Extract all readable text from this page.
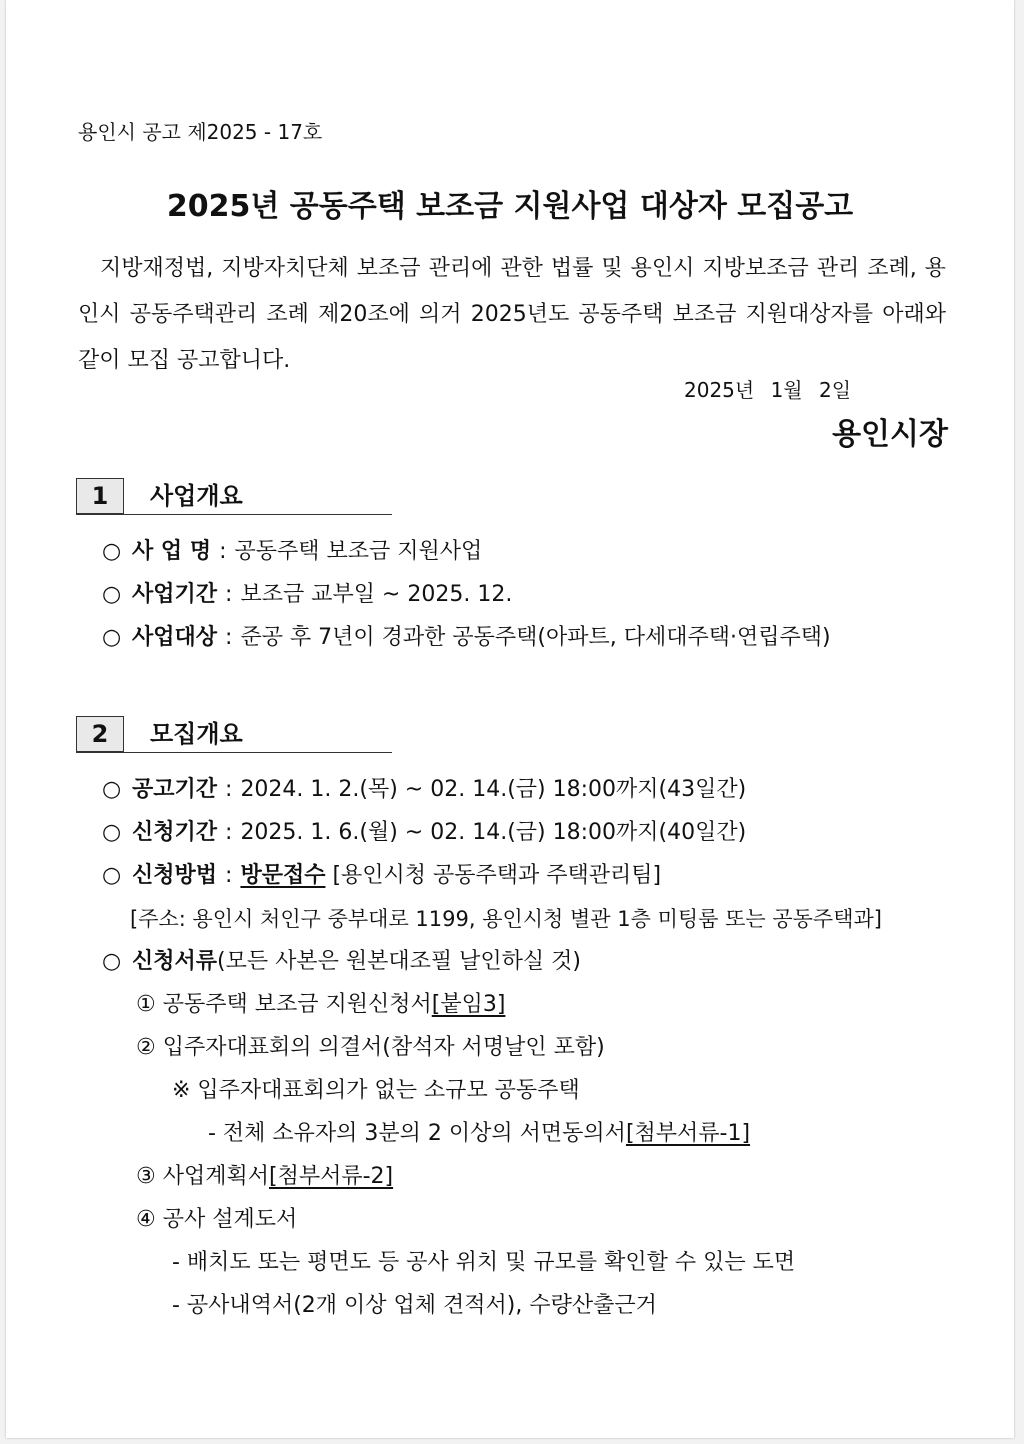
용인시 공고 제2025 - 17호
2025년 공동주택 보조금 지원사업 대상자 모집공고
지방재정법, 지방자치단체 보조금 관리에 관한 법률 및 용인시 지방보조금 관리 조례, 용인시 공동주택관리 조례 제20조에 의거 2025년도 공동주택 보조금 지원대상자를 아래와 같이 모집 공고합니다.
2025년 1월 2일
용인시장
1	사업개요
○ 사 업 명 : 공동주택 보조금 지원사업
○ 사업기간 : 보조금 교부일 ~ 2025. 12.
○ 사업대상 : 준공 후 7년이 경과한 공동주택(아파트, 다세대주택·연립주택)
2	모집개요
○ 공고기간 : 2024. 1. 2.(목) ~ 02. 14.(금) 18:00까지(43일간)
○ 신청기간 : 2025. 1. 6.(월) ~ 02. 14.(금) 18:00까지(40일간)
○ 신청방법 : 방문접수 [용인시청 공동주택과 주택관리팀]
[주소: 용인시 처인구 중부대로 1199, 용인시청 별관 1층 미팅룸 또는 공동주택과]
○ 신청서류(모든 사본은 원본대조필 날인하실 것)
① 공동주택 보조금 지원신청서[붙임3]
② 입주자대표회의 의결서(참석자 서명날인 포함)
※ 입주자대표회의가 없는 소규모 공동주택
- 전체 소유자의 3분의 2 이상의 서면동의서[첨부서류-1]
③ 사업계획서[첨부서류-2]
④ 공사 설계도서
- 배치도 또는 평면도 등 공사 위치 및 규모를 확인할 수 있는 도면
- 공사내역서(2개 이상 업체 견적서), 수량산출근거
